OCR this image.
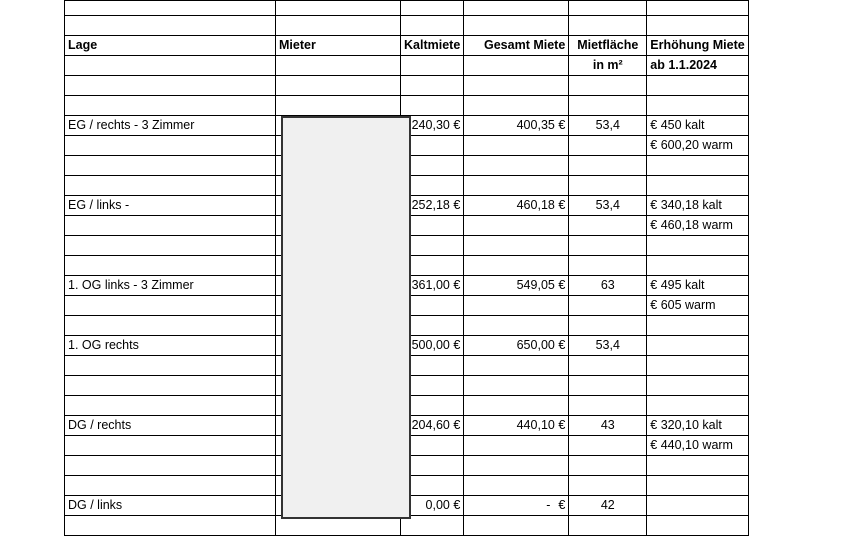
Lage	Mieter	Kaltmiete	Gesamt Miete	Mietfläche	Erhöhung Miete
				in m²	ab 1.1.2024

EG / rechts - 3 Zimmer		240,30 €	400,35 €	53,4	€ 450 kalt
					€ 600,20 warm

EG / links -		252,18 €	460,18 €	53,4	€ 340,18 kalt
					€ 460,18 warm

1. OG links - 3 Zimmer		361,00 €	549,05 €	63	€ 495 kalt
					€ 605 warm

1. OG rechts		500,00 €	650,00 €	53,4	

DG / rechts		204,60 €	440,10 €	43	€ 320,10 kalt
					€ 440,10 warm

DG / links		0,00 €	- €	42	
